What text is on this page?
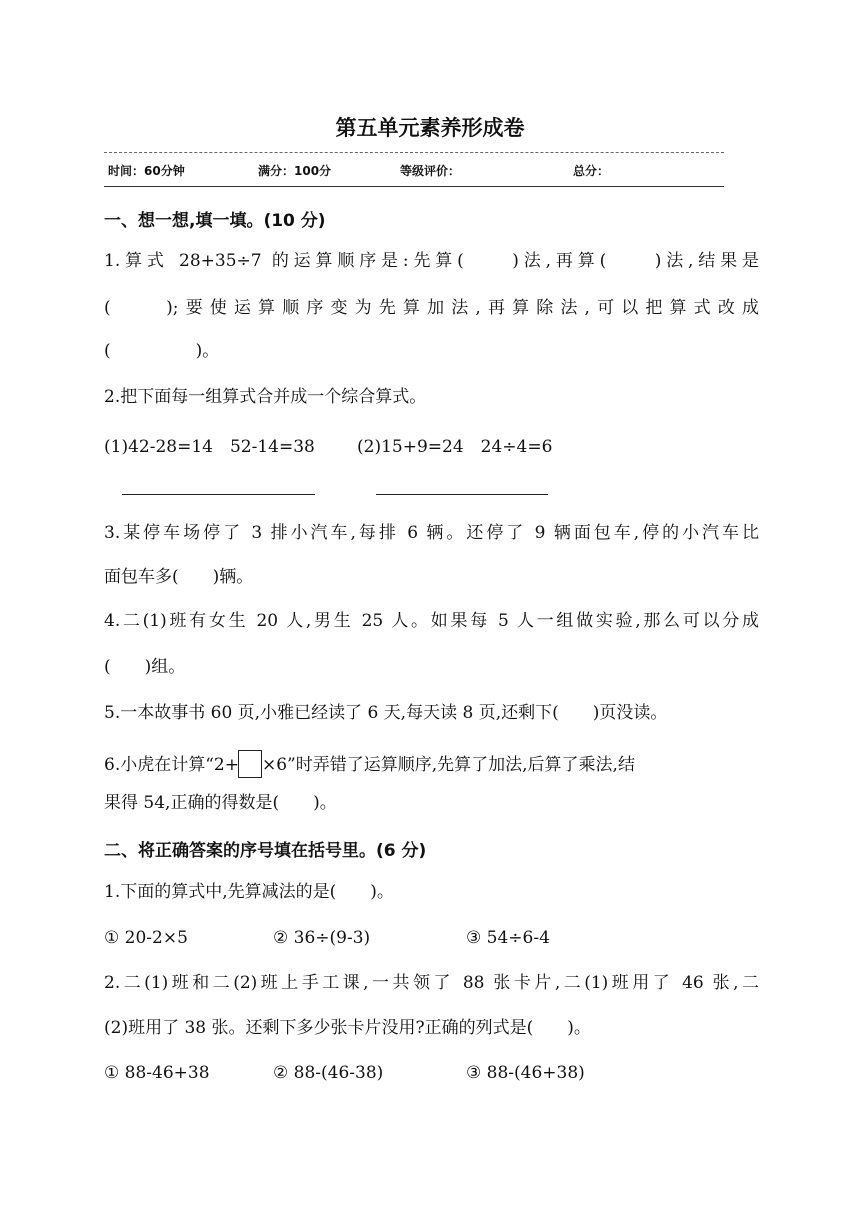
第五单元素养形成卷
时间：60分钟	满分：100分	等级评价：	总分：
一、想一想,填一填。(10 分)
1.算式 28+35÷7 的运算顺序是:先算(　　)法,再算(　　)法,结果是
(　　);要使运算顺序变为先算加法,再算除法,可以把算式改成
(　　　　　)。
2.把下面每一组算式合并成一个综合算式。
(1)42-28=14　52-14=38 (2)15+9=24　24÷4=6
3.某停车场停了 3 排小汽车,每排 6 辆。还停了 9 辆面包车,停的小汽车比
面包车多(　　)辆。
4.二(1)班有女生 20 人,男生 25 人。如果每 5 人一组做实验,那么可以分成
(　　)组。
5.一本故事书 60 页,小雅已经读了 6 天,每天读 8 页,还剩下(　　)页没读。
6.小虎在计算“2+ ×6”时弄错了运算顺序,先算了加法,后算了乘法,结
果得 54,正确的得数是(　　)。
二、将正确答案的序号填在括号里。(6 分)
1.下面的算式中,先算减法的是(　　)。
① 20-2×5	② 36÷(9-3)	③ 54÷6-4
2.二(1)班和二(2)班上手工课,一共领了 88 张卡片,二(1)班用了 46 张,二
(2)班用了 38 张。还剩下多少张卡片没用?正确的列式是(　　)。
① 88-46+38	② 88-(46-38)	③ 88-(46+38)
